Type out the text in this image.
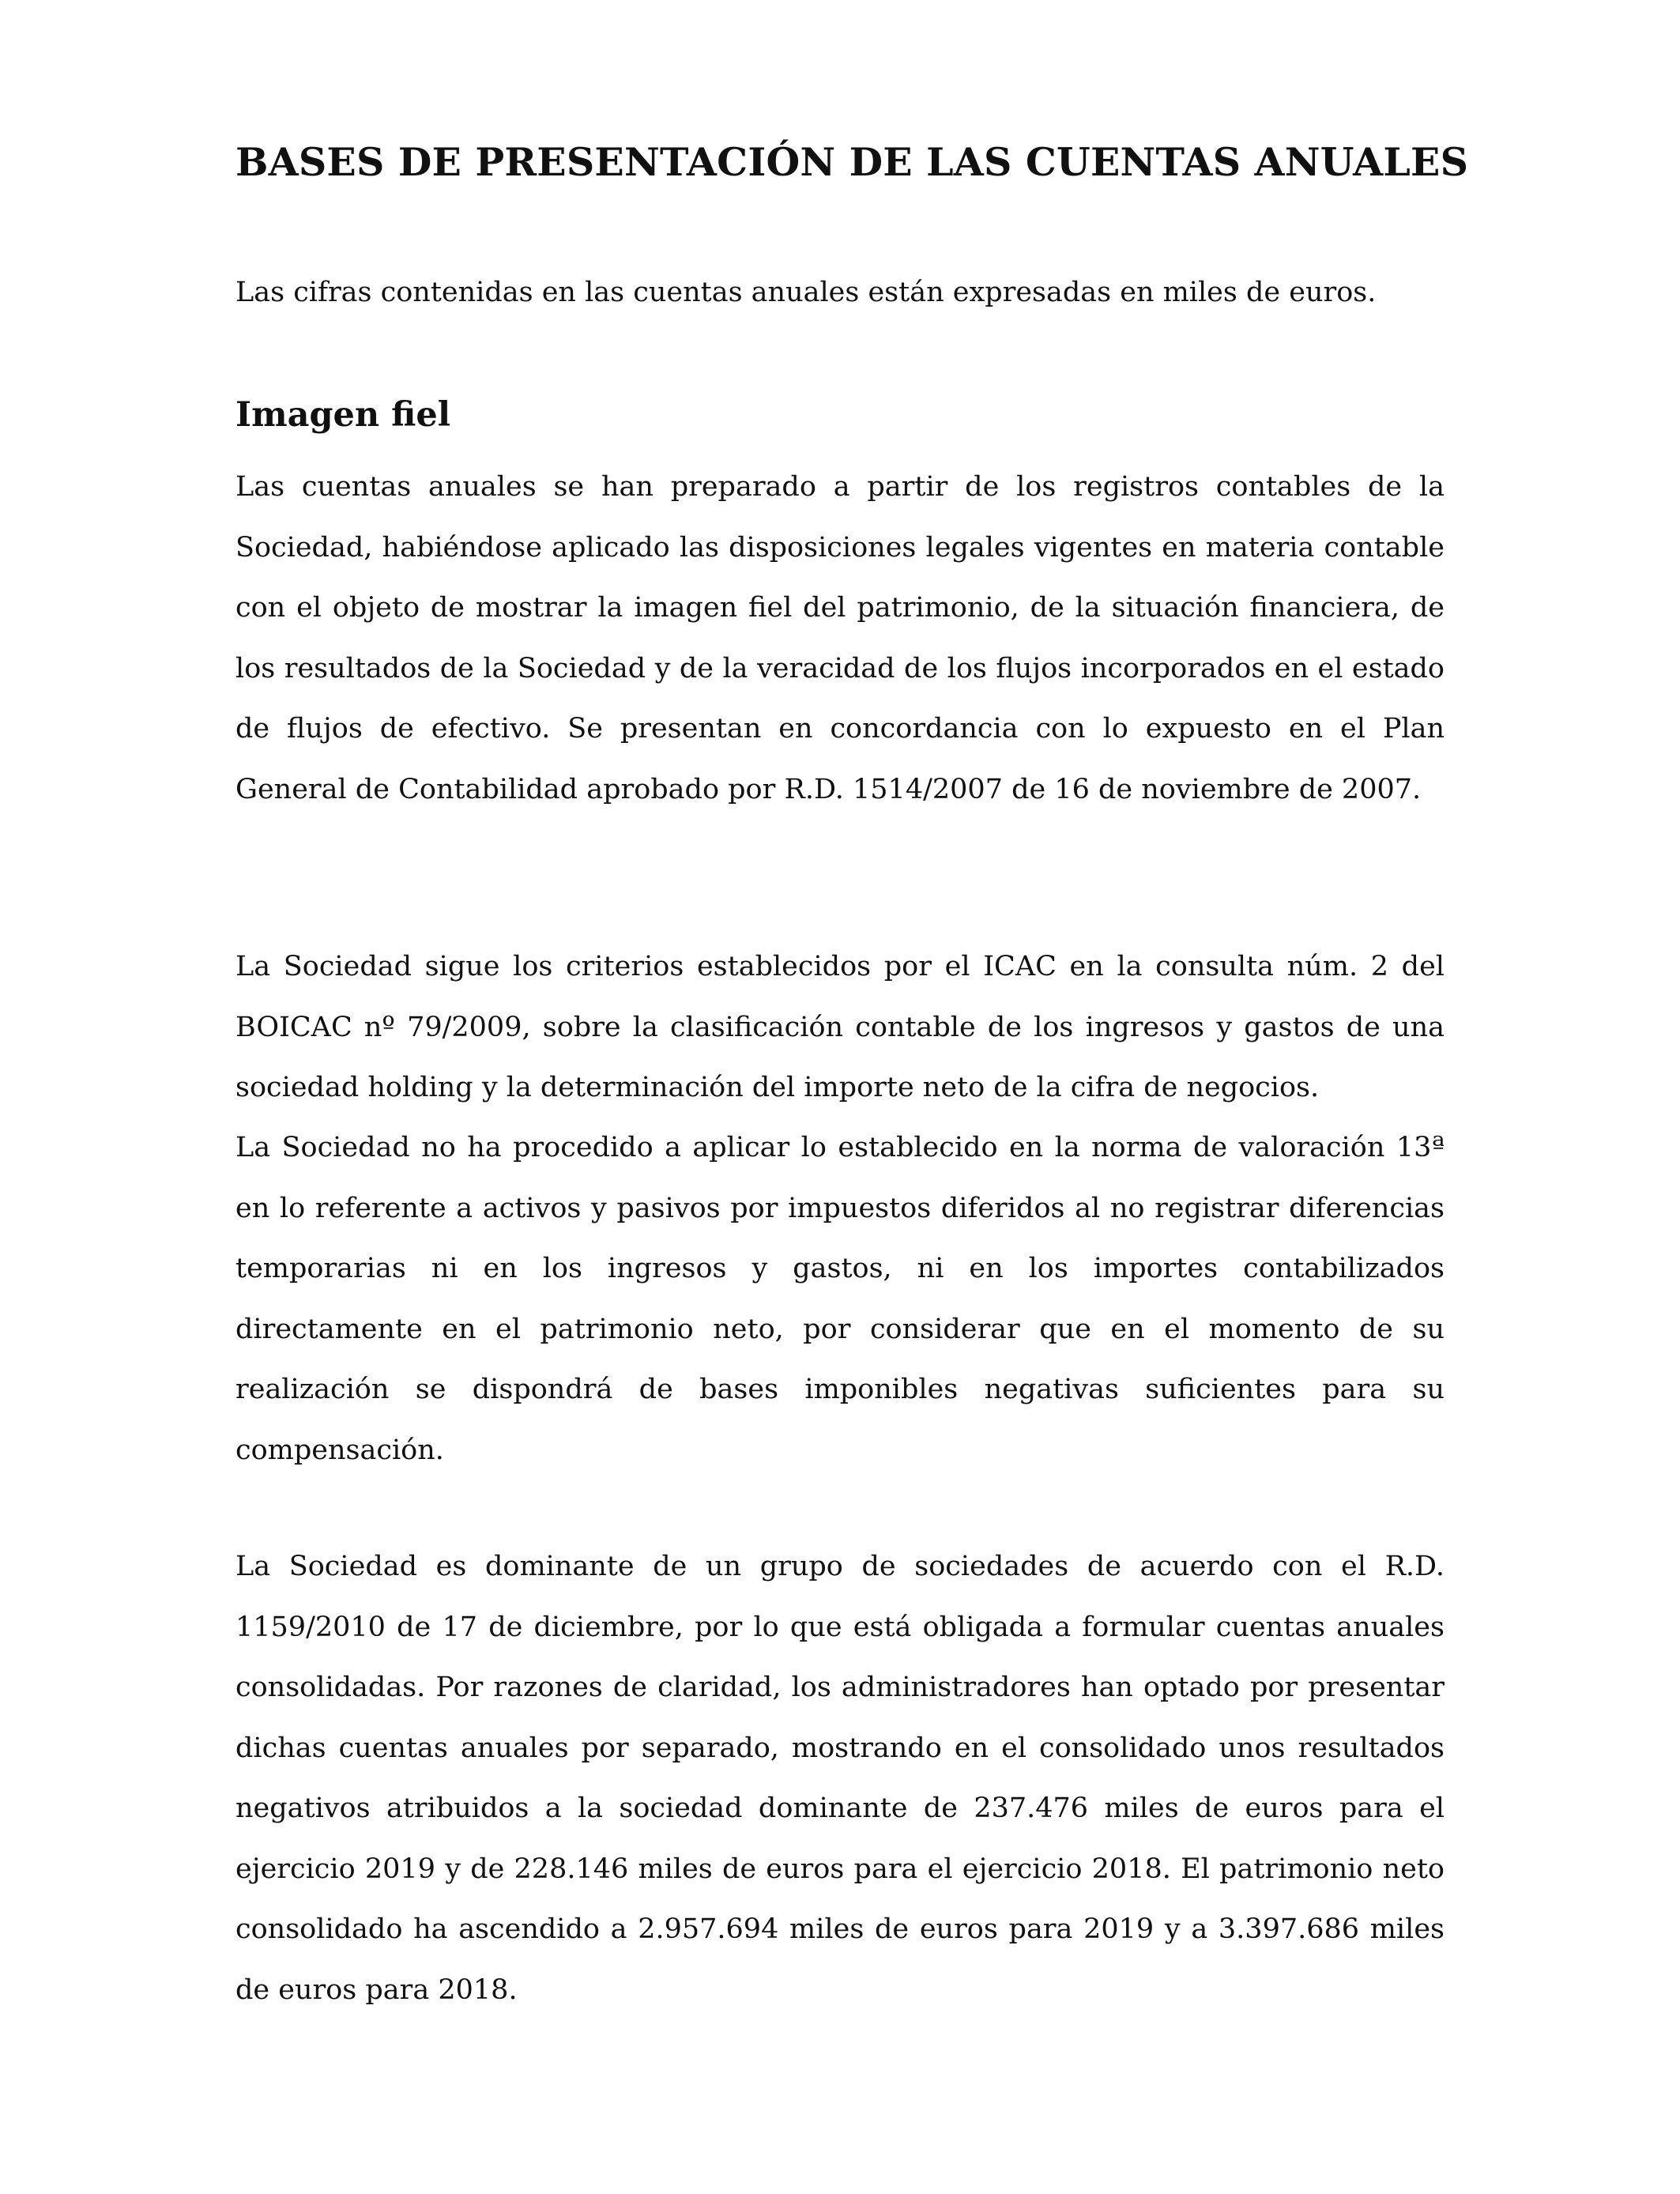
BASES DE PRESENTACIÓN DE LAS CUENTAS ANUALES

Las cifras contenidas en las cuentas anuales están expresadas en miles de euros.

Imagen fiel

Las cuentas anuales se han preparado a partir de los registros contables de la Sociedad, habiéndose aplicado las disposiciones legales vigentes en materia contable con el objeto de mostrar la imagen fiel del patrimonio, de la situación financiera, de los resultados de la Sociedad y de la veracidad de los flujos incorporados en el estado de flujos de efectivo. Se presentan en concordancia con lo expuesto en el Plan General de Contabilidad aprobado por R.D. 1514/2007 de 16 de noviembre de 2007.

La Sociedad sigue los criterios establecidos por el ICAC en la consulta núm. 2 del BOICAC nº 79/2009, sobre la clasificación contable de los ingresos y gastos de una sociedad holding y la determinación del importe neto de la cifra de negocios.

La Sociedad no ha procedido a aplicar lo establecido en la norma de valoración 13ª en lo referente a activos y pasivos por impuestos diferidos al no registrar diferencias temporarias ni en los ingresos y gastos, ni en los importes contabilizados directamente en el patrimonio neto, por considerar que en el momento de su realización se dispondrá de bases imponibles negativas suficientes para su compensación.

La Sociedad es dominante de un grupo de sociedades de acuerdo con el R.D. 1159/2010 de 17 de diciembre, por lo que está obligada a formular cuentas anuales consolidadas. Por razones de claridad, los administradores han optado por presentar dichas cuentas anuales por separado, mostrando en el consolidado unos resultados negativos atribuidos a la sociedad dominante de 237.476 miles de euros para el ejercicio 2019 y de 228.146 miles de euros para el ejercicio 2018. El patrimonio neto consolidado ha ascendido a 2.957.694 miles de euros para 2019 y a 3.397.686 miles de euros para 2018.
